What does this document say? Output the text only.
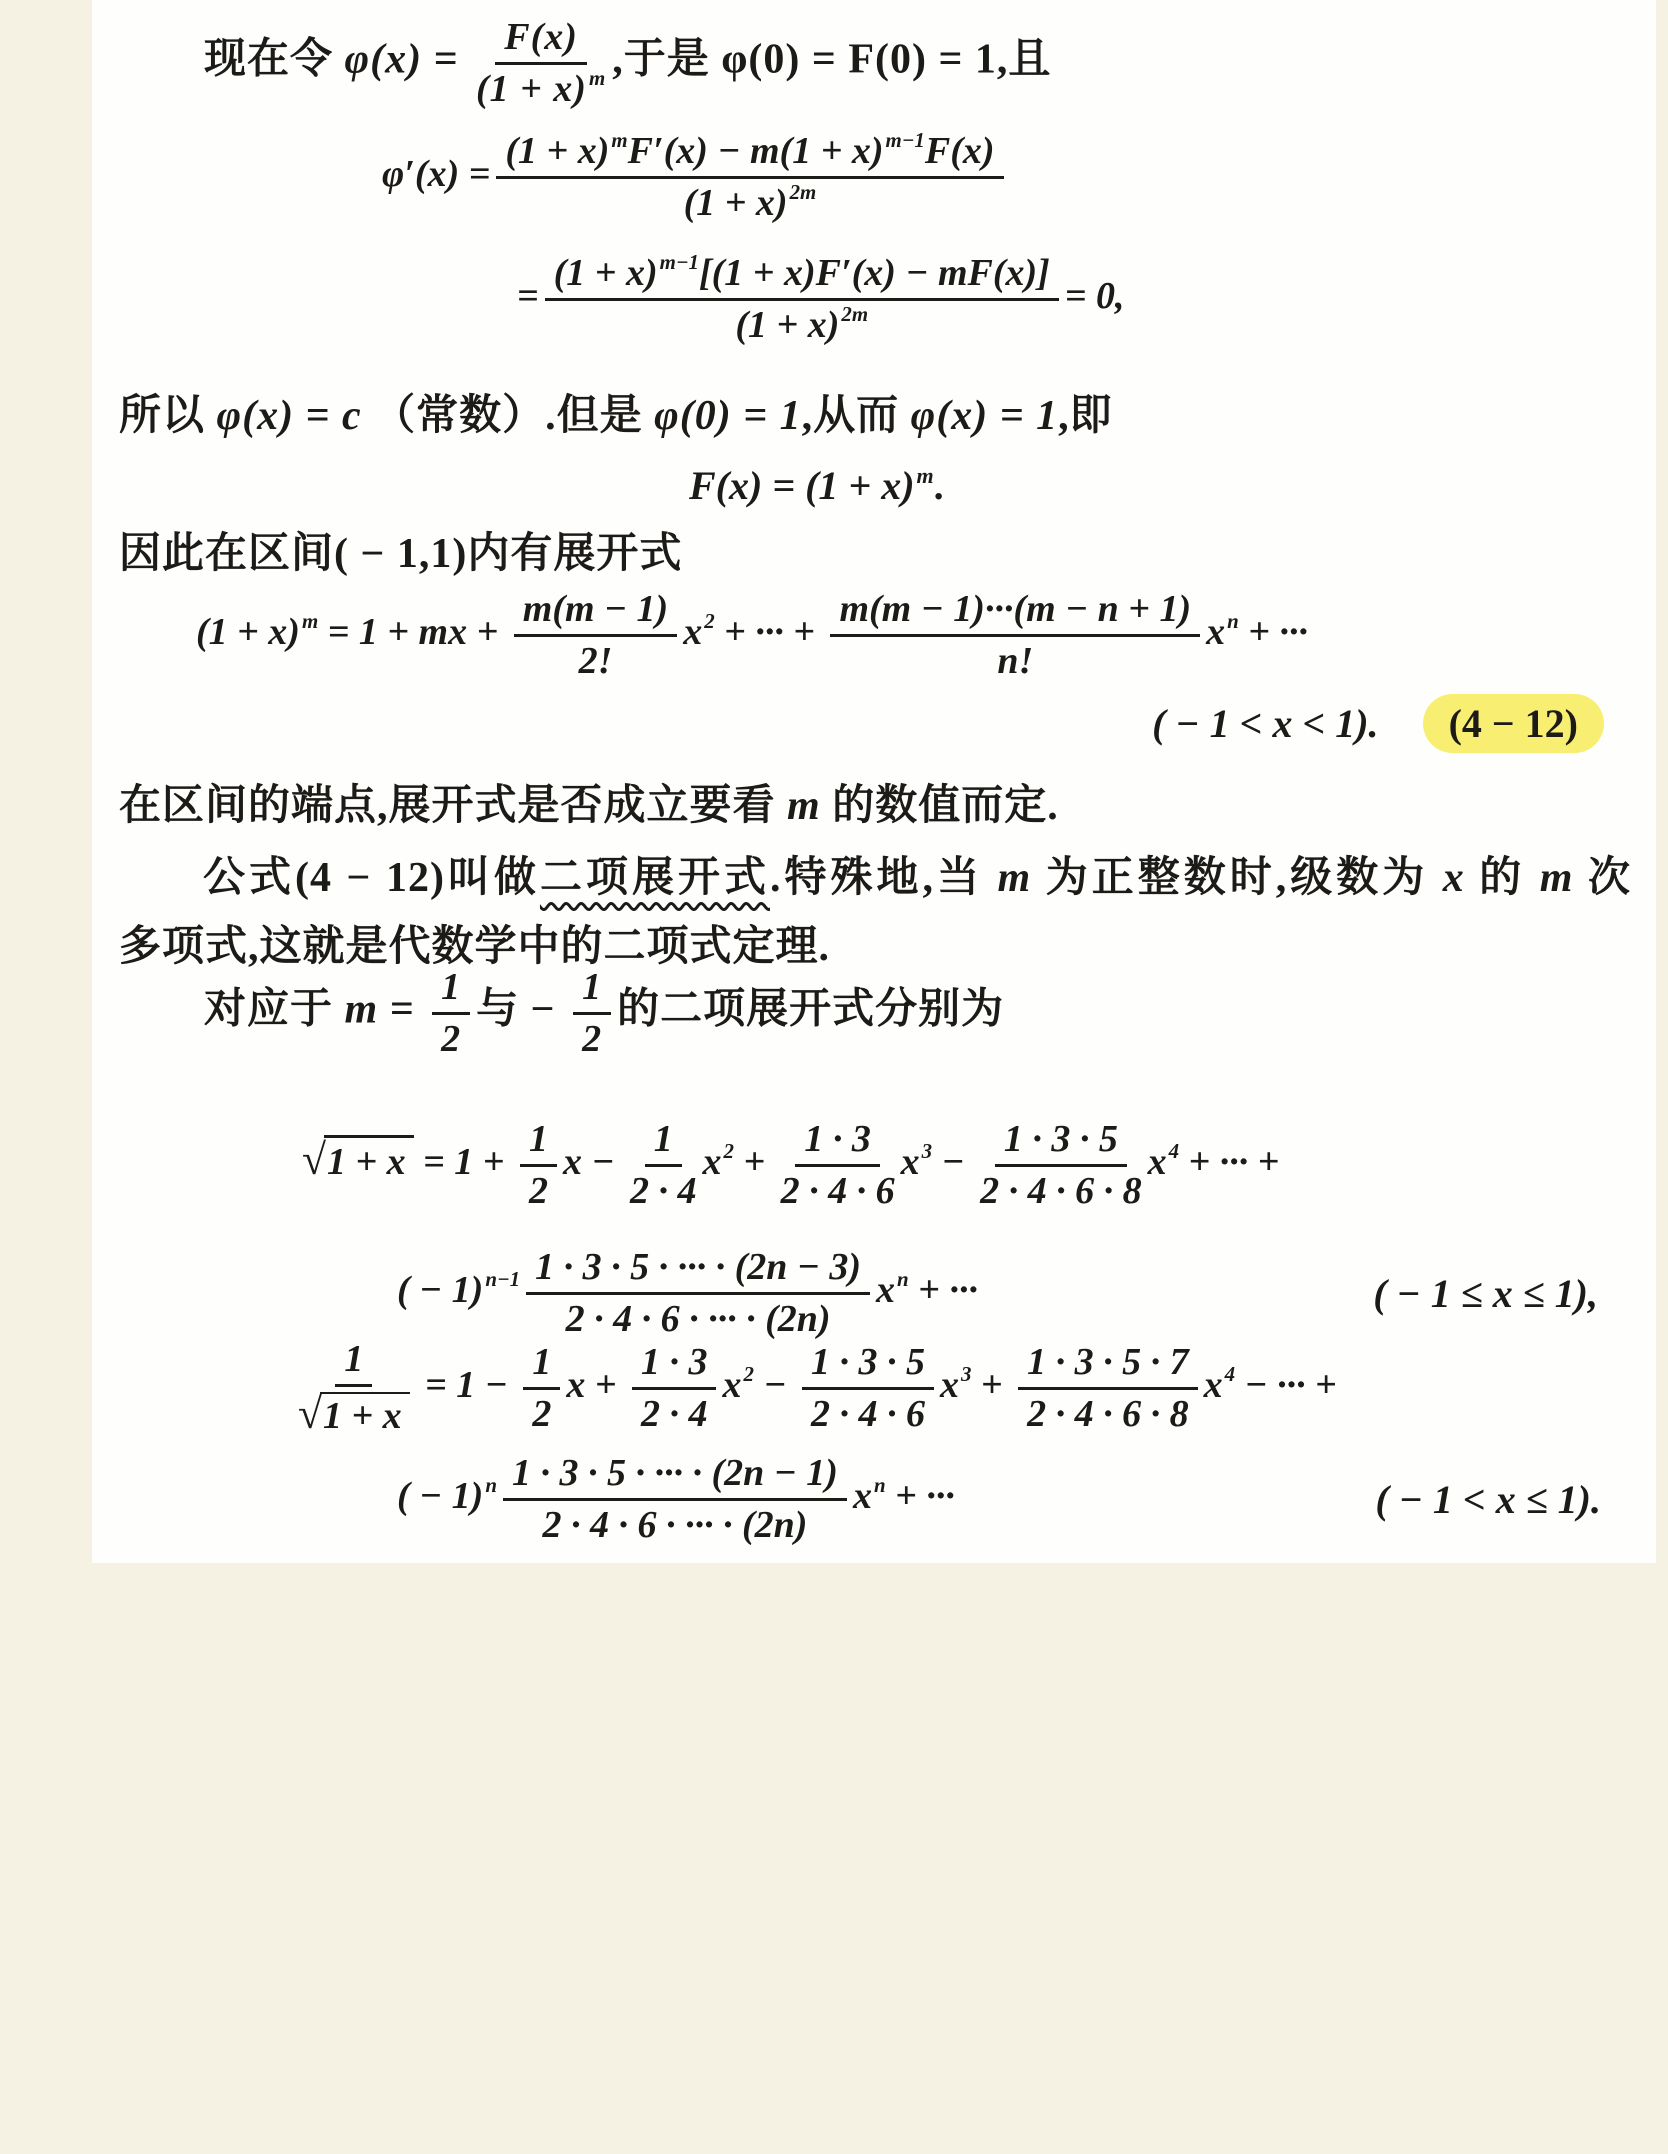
现在令 $\varphi(x) = \frac{F(x)}{(1 + x)^m}$ ,于是 φ(0) = F(0) = 1,且
$\varphi'(x) = \frac{(1 + x)^mF'(x) - m(1 + x)^{m-1}F(x)}{(1 + x)^{2m}}$
= $\frac{(1 + x)^{m-1}[(1 + x)F'(x) - mF(x)]}{(1 + x)^{2m}} = 0$,
所以 φ(x) = c （常数）.但是 φ(0) = 1,从而 φ(x) = 1,即
$F(x) = (1 + x)^m$.
因此在区间( − 1,1)内有展开式
$(1 + x)^m = 1$ + mx + $\frac{m(m - 1)}{2!} x^2$ + ··· + $\frac{m(m - 1)\cdot\cdot\cdot(m - n + 1)}{n!} x^n$ + ···
( − 1 < x < 1).	(4 − 12)
在区间的端点,展开式是否成立要看 m 的数值而定.
公式(4 − 12)叫做二项展开式.特殊地,当 m 为正整数时,级数为 x 的 m 次
多项式,这就是代数学中的二项式定理.
对应于 $m = \frac{1}{2}$ 与 − $\frac{1}{2}$ 的二项展开式分别为
$√1 + x = 1 + \frac{1}{2}$ $x - \frac{1}{2 \cdot 4} x^2 + \frac{1 \cdot 3}{2 \cdot 4 \cdot 6} x^3 - \frac{1 \cdot 3 \cdot 5}{2 \cdot 4 \cdot 6 \cdot 8} x^4$ + ··· +
( − $1)^{n-1} \frac{1 \cdot 3 \cdot 5 \cdot \cdot\cdot\cdot \cdot (2n - 3)}{2 \cdot 4 \cdot 6 \cdot \cdot\cdot\cdot \cdot (2n)} x^n$ + ···	( − 1 ≤ x ≤ 1),
$\frac{1}{√1 + x} = 1 - \frac{1}{2}$ $x + \frac{1 \cdot 3}{2 \cdot 4} x^2 - \frac{1 \cdot 3 \cdot 5}{2 \cdot 4 \cdot 6} x^3 + \frac{1 \cdot 3 \cdot 5 \cdot 7}{2 \cdot 4 \cdot 6 \cdot 8} x^4$ − ··· +
( − $1)^n \frac{1 \cdot 3 \cdot 5 \cdot \cdot\cdot\cdot \cdot (2n - 1)}{2 \cdot 4 \cdot 6 \cdot \cdot\cdot\cdot \cdot (2n)} x^n$ + ···	( − 1 < x ≤ 1).
